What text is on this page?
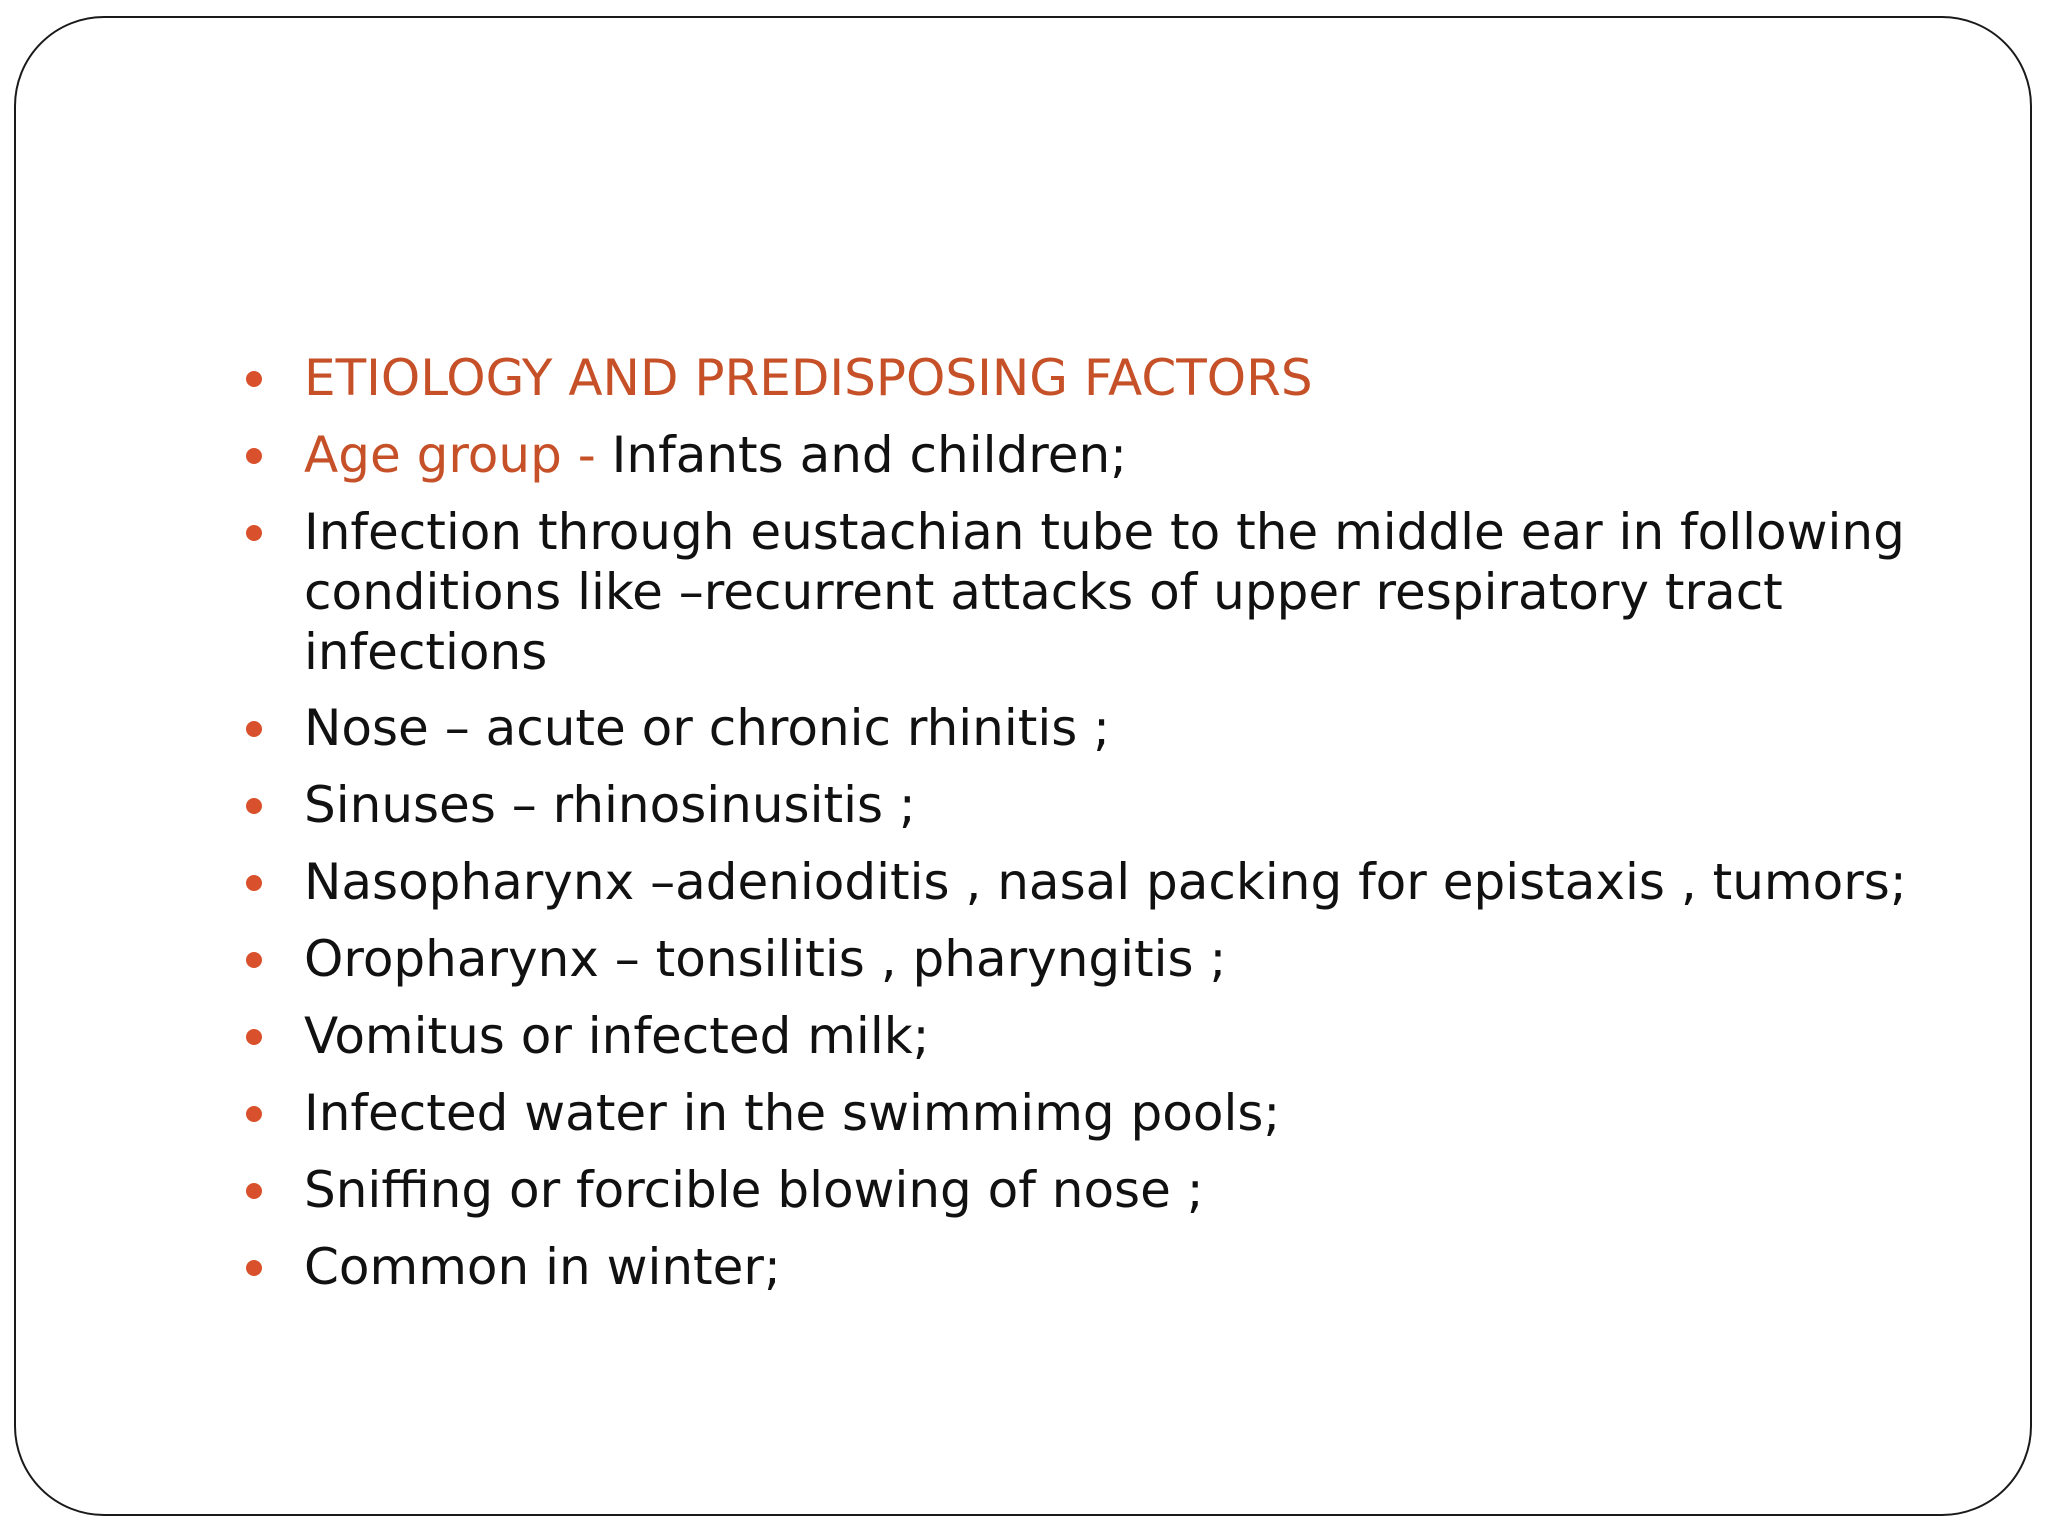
ETIOLOGY AND PREDISPOSING FACTORS
Age group - Infants and children;
Infection through eustachian tube to the middle ear in following conditions like –recurrent attacks of upper respiratory tract infections
Nose – acute or chronic rhinitis ;
Sinuses – rhinosinusitis ;
Nasopharynx –adenioditis , nasal packing for epistaxis , tumors;
Oropharynx – tonsilitis , pharyngitis ;
Vomitus or infected milk;
Infected water in the swimmimg pools;
Sniffing or forcible blowing of nose ;
Common in winter;
